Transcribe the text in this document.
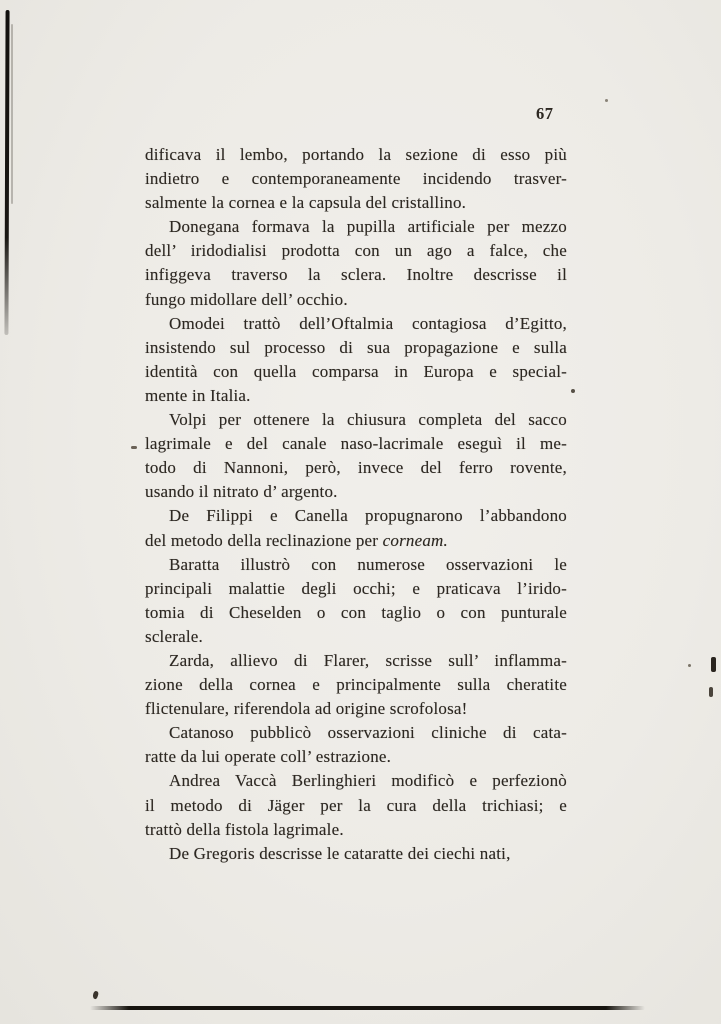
67
dificava il lembo, portando la sezione di esso più
indietro e contemporaneamente incidendo trasver-
salmente la cornea e la capsula del cristallino.
Donegana formava la pupilla artificiale per mezzo
dell’ iridodialisi prodotta con un ago a falce, che
infiggeva traverso la sclera. Inoltre descrisse il
fungo midollare dell’ occhio.
Omodei trattò dell’Oftalmia contagiosa d’Egitto,
insistendo sul processo di sua propagazione e sulla
identità con quella comparsa in Europa e special-
mente in Italia.
Volpi per ottenere la chiusura completa del sacco
lagrimale e del canale naso-lacrimale eseguì il me-
todo di Nannoni, però, invece del ferro rovente,
usando il nitrato d’ argento.
De Filippi e Canella propugnarono l’abbandono
del metodo della reclinazione per corneam.
Baratta illustrò con numerose osservazioni le
principali malattie degli occhi; e praticava l’irido-
tomia di Cheselden o con taglio o con punturale
sclerale.
Zarda, allievo di Flarer, scrisse sull’ inflamma-
zione della cornea e principalmente sulla cheratite
flictenulare, riferendola ad origine scrofolosa!
Catanoso pubblicò osservazioni cliniche di cata-
ratte da lui operate coll’ estrazione.
Andrea Vaccà Berlinghieri modificò e perfezionò
il metodo di Jäger per la cura della trichiasi; e
trattò della fistola lagrimale.
De Gregoris descrisse le cataratte dei ciechi nati,
